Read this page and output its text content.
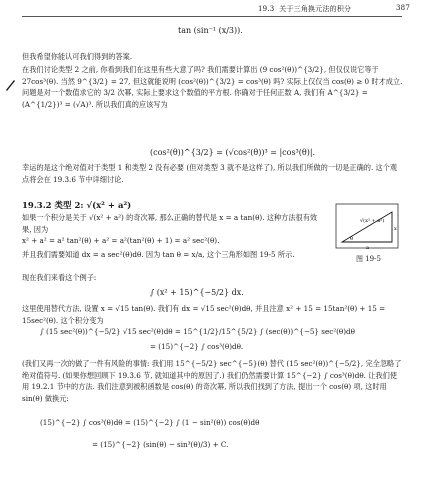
19.3 关于三角换元法的积分	387
tan (sin⁻¹ (x/3)).
但我希望你能认可我们得到的答案.
在我们讨论类型 2 之前, 你看到我们在这里有些大意了吗? 我们需要计算出 (9 cos²(θ))^{3/2}, 但仅仅说它等于 27cos³(θ). 当然 9^{3/2} = 27, 但这就能说明 (cos²(θ))^{3/2} = cos³(θ) 吗? 实际上仅仅当 cos(θ) ≥ 0 时才成立. 问题是对一个数值求它的 3/2 次幂, 实际上要求这个数值的平方根. 你确对于任何正数 A, 我们有 A^{3/2} = (A^{1/2})³ = (√A)³. 所以我们真的应该写为
(cos²(θ))^{3/2} = (√cos²(θ))³ = |cos³(θ)|.
幸运的是这个绝对值对于类型 1 和类型 2 没有必要 (但对类型 3 就不是这样了), 所以我们所做的一切是正确的. 这个观点将会在 19.3.6 节中详细讨论.
19.3.2 类型 2: √(x² + a²)
如果一个积分是关于 √(x² + a²) 的奇次幂, 那么正确的替代是 x = a tan(θ). 这种方法很有效果, 因为
x² + a² = a² tan²(θ) + a² = a²(tan²(θ) + 1) = a² sec²(θ).
并且我们需要知道 dx = a sec²(θ)dθ. 因为 tan θ = x/a, 这个三角形如图 19-5 所示.
现在我们来看这个例子:
√(x² + a²)
x
a
θ
图 19-5
∫ (x² + 15)^{−5/2} dx.
这里使用替代方法, 设置 x = √15 tan(θ). 我们有 dx = √15 sec²(θ)dθ, 并且注意 x² + 15 = 15tan²(θ) + 15 = 15sec²(θ). 这个积分变为
∫ (15 sec²(θ))^{−5/2} √15 sec²(θ)dθ = 15^{1/2}/15^{5/2} ∫ (sec(θ))^{−5} sec²(θ)dθ
= (15)^{−2} ∫ cos³(θ)dθ.
(我们又再一次的做了一件有风险的事情: 我们用 15^{−5/2} sec^{−5}(θ) 替代 (15 sec²(θ))^{−5/2}, 完全忽略了绝对值符号. (如果你想回顾下 19.3.6 节, 就知道其中的原因了.) 我们仍然需要计算 15^{−2} ∫ cos³(θ)dθ. 让我们使用 19.2.1 节中的方法. 我们注意到被积函数是 cos(θ) 的奇次幂, 所以我们找到了方法, 提出一个 cos(θ) 项, 这时用 sin(θ) 做换元:
(15)^{−2} ∫ cos³(θ)dθ = (15)^{−2} ∫ (1 − sin²(θ)) cos(θ)dθ
= (15)^{−2} (sin(θ) − sin³(θ)/3) + C.
